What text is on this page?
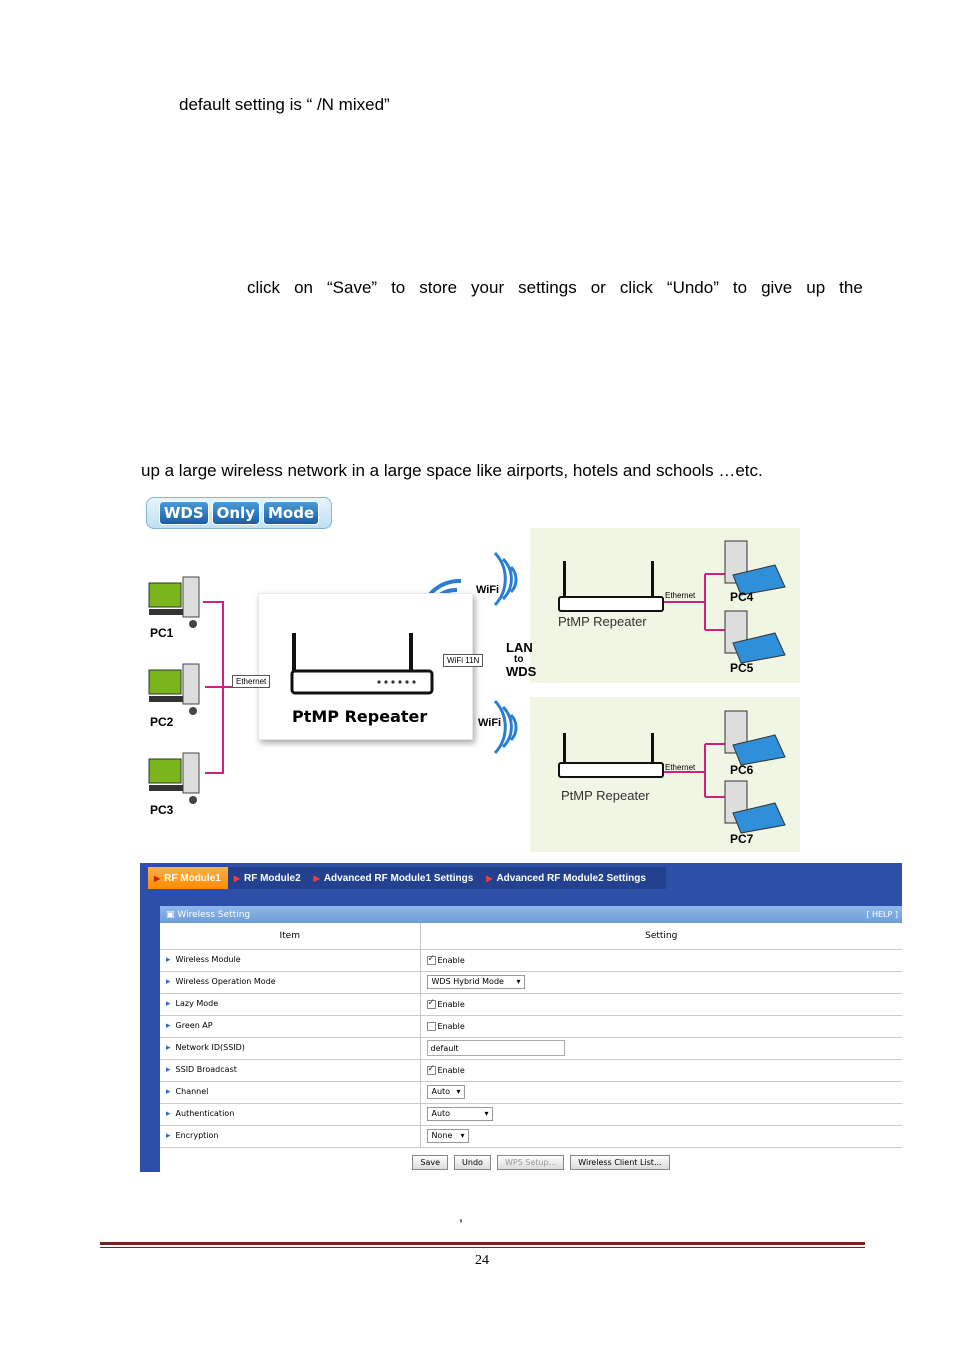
default setting is “ /N mixed”
click on “Save” to store your settings or click “Undo” to give up the
up a large wireless network in a large space like airports, hotels and schools …etc.
WDS Only Mode
PtMP Repeater
PC1
PC2
PC3
PC4
PC5
PC6
PC7
Ethernet
WiFi 11N
Ethernet
Ethernet
WiFi
WiFi
LAN
to
WDS
PtMP Repeater
PtMP Repeater
▶ RF Module1 ▶ RF Module2 ▶ Advanced RF Module1 Settings ▶ Advanced RF Module2 Settings
▣ Wireless Setting	[ HELP ]
Item	Setting
▸ Wireless Module	✓Enable
▸ Wireless Operation Mode	WDS Hybrid Mode ▾
▸ Lazy Mode	✓Enable
▸ Green AP	Enable
▸ Network ID(SSID)	default
▸ SSID Broadcast	✓Enable
▸ Channel	Auto ▾
▸ Authentication	Auto ▾
▸ Encryption	None ▾
Save	Undo	WPS Setup...	Wireless Client List...
,
24
